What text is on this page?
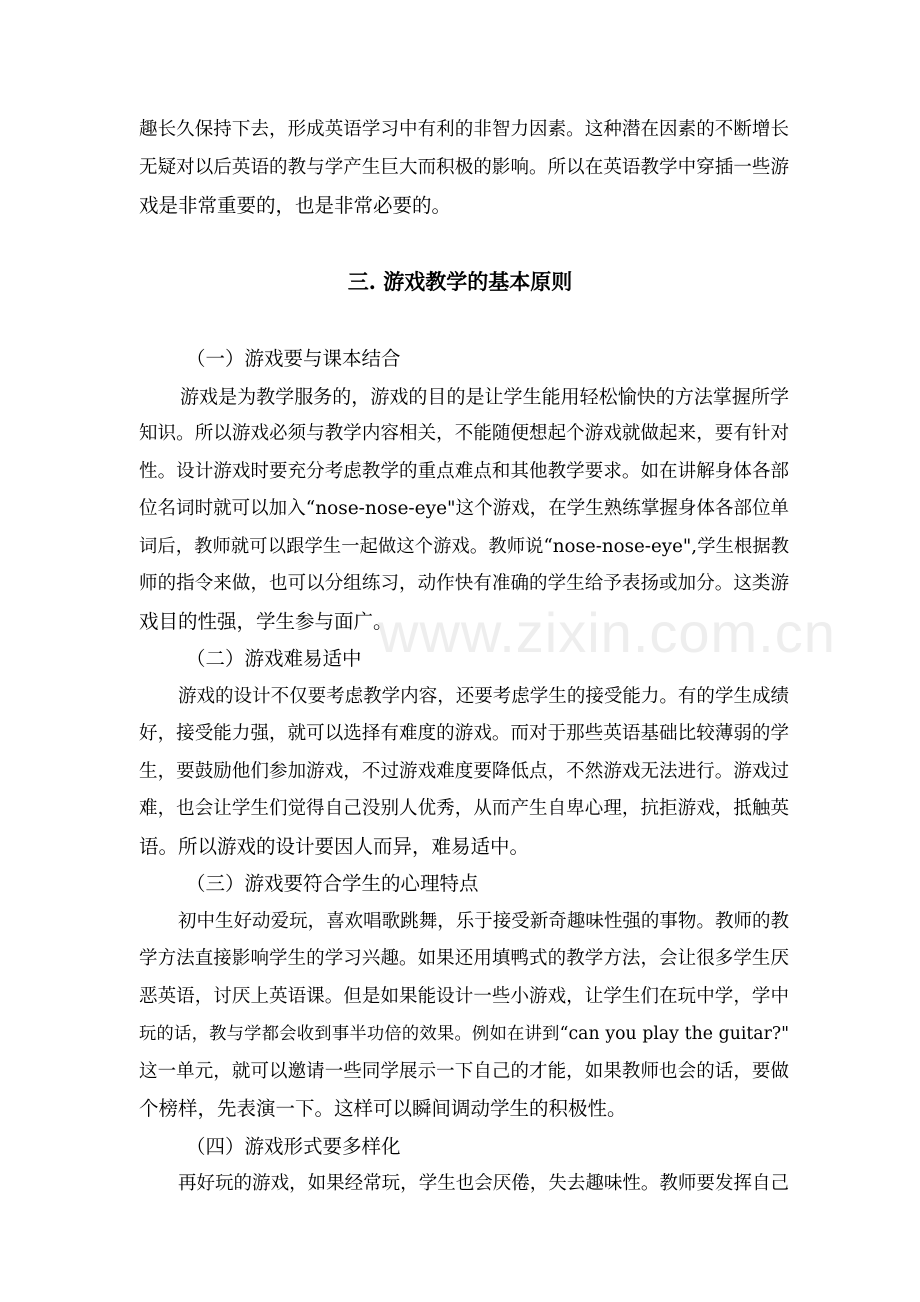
www.zixin.com.cn
趣长久保持下去，形成英语学习中有利的非智力因素。这种潜在因素的不断增长
无疑对以后英语的教与学产生巨大而积极的影响。所以在英语教学中穿插一些游
戏是非常重要的，也是非常必要的。
三. 游戏教学的基本原则
（一）游戏要与课本结合
游戏是为教学服务的，游戏的目的是让学生能用轻松愉快的方法掌握所学
知识。所以游戏必须与教学内容相关，不能随便想起个游戏就做起来，要有针对
性。设计游戏时要充分考虑教学的重点难点和其他教学要求。如在讲解身体各部
位名词时就可以加入“nose-nose-eye"这个游戏，在学生熟练掌握身体各部位单
词后，教师就可以跟学生一起做这个游戏。教师说“nose-nose-eye",学生根据教
师的指令来做，也可以分组练习，动作快有准确的学生给予表扬或加分。这类游
戏目的性强，学生参与面广。
（二）游戏难易适中
游戏的设计不仅要考虑教学内容，还要考虑学生的接受能力。有的学生成绩
好，接受能力强，就可以选择有难度的游戏。而对于那些英语基础比较薄弱的学
生，要鼓励他们参加游戏，不过游戏难度要降低点，不然游戏无法进行。游戏过
难，也会让学生们觉得自己没别人优秀，从而产生自卑心理，抗拒游戏，抵触英
语。所以游戏的设计要因人而异，难易适中。
（三）游戏要符合学生的心理特点
初中生好动爱玩，喜欢唱歌跳舞，乐于接受新奇趣味性强的事物。教师的教
学方法直接影响学生的学习兴趣。如果还用填鸭式的教学方法，会让很多学生厌
恶英语，讨厌上英语课。但是如果能设计一些小游戏，让学生们在玩中学，学中
玩的话，教与学都会收到事半功倍的效果。例如在讲到“can you play the guitar?"
这一单元，就可以邀请一些同学展示一下自己的才能，如果教师也会的话，要做
个榜样，先表演一下。这样可以瞬间调动学生的积极性。
（四）游戏形式要多样化
再好玩的游戏，如果经常玩，学生也会厌倦，失去趣味性。教师要发挥自己
